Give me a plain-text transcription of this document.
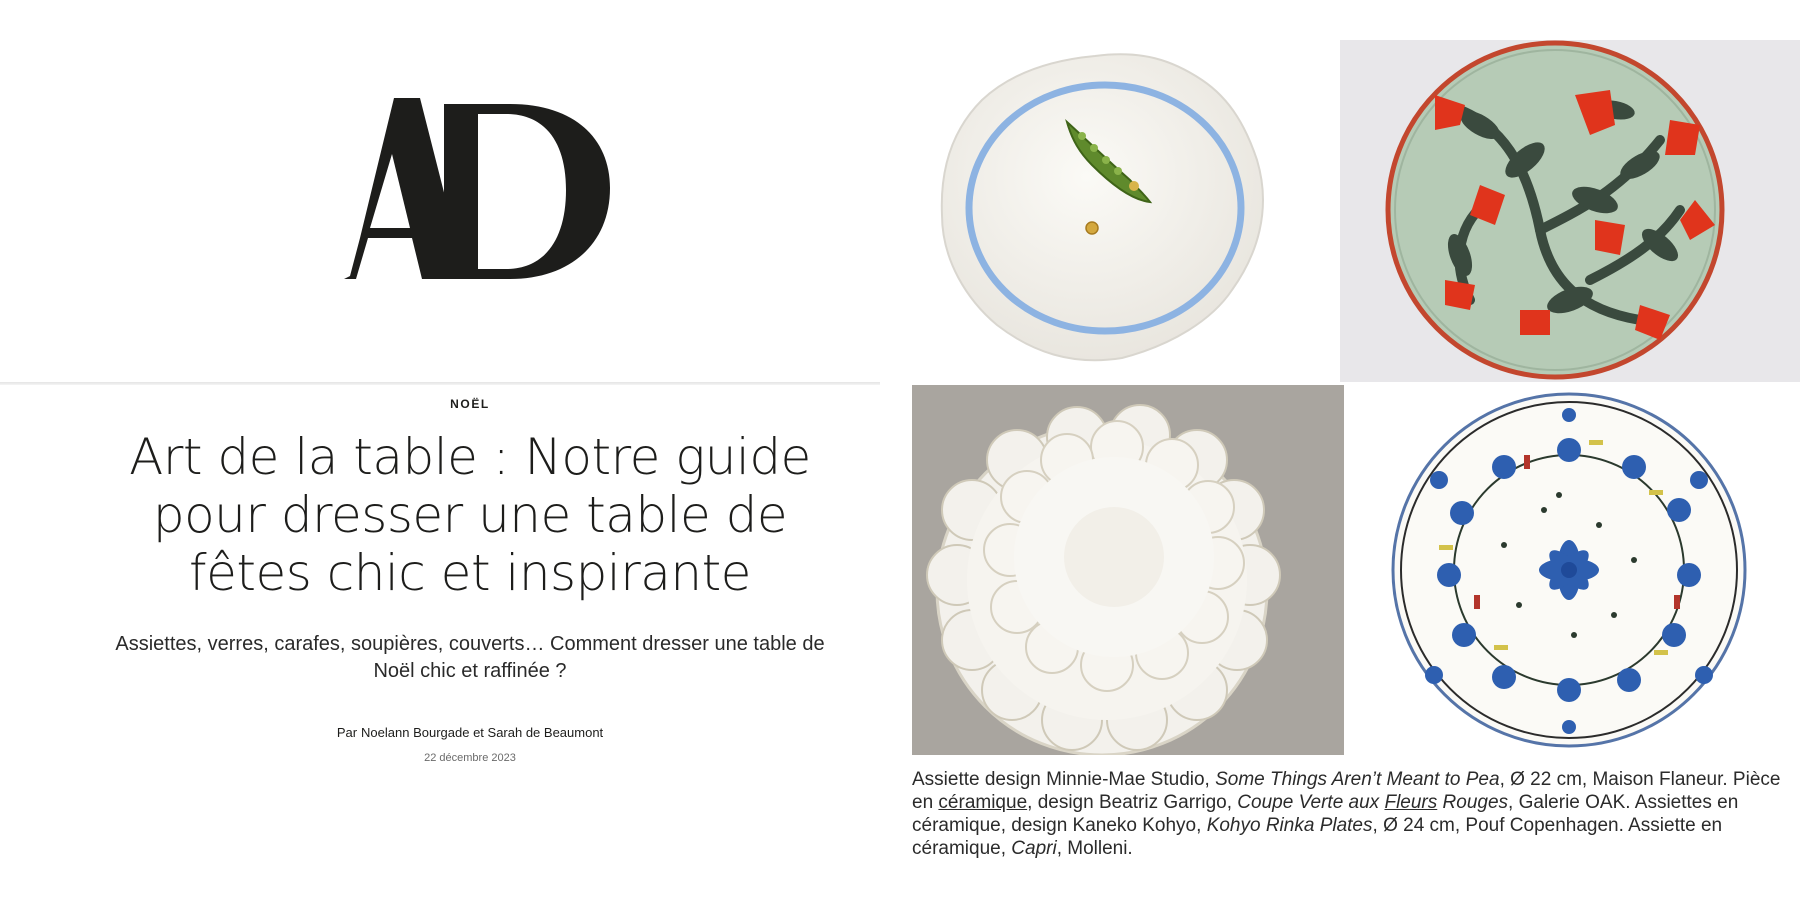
NOËL
Art de la table : Notre guide pour dresser une table de fêtes chic et inspirante

Assiettes, verres, carafes, soupières, couverts… Comment dresser une table de Noël chic et raffinée ?

Par Noelann Bourgade et Sarah de Beaumont
22 décembre 2023

Assiette design Minnie-Mae Studio, Some Things Aren’t Meant to Pea, Ø 22 cm, Maison Flaneur. Pièce en céramique, design Beatriz Garrigo, Coupe Verte aux Fleurs Rouges, Galerie OAK. Assiettes en céramique, design Kaneko Kohyo, Kohyo Rinka Plates, Ø 24 cm, Pouf Copenhagen. Assiette en céramique, Capri, Molleni.
